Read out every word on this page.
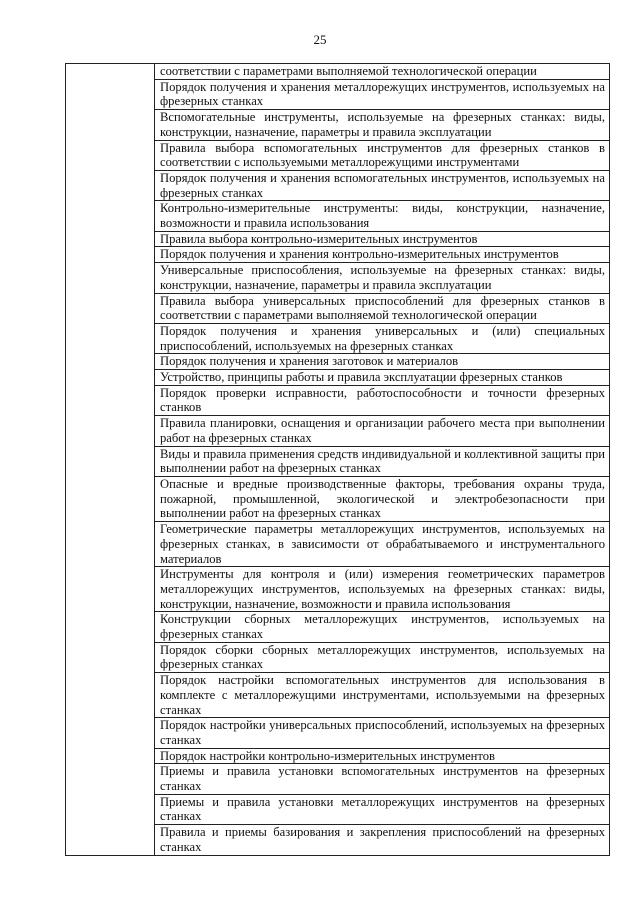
25

соответствии с параметрами выполняемой технологической операции

Порядок получения и хранения металлорежущих инструментов, используемых на фрезерных станках

Вспомогательные инструменты, используемые на фрезерных станках: виды, конструкции, назначение, параметры и правила эксплуатации

Правила выбора вспомогательных инструментов для фрезерных станков в соответствии с используемыми металлорежущими инструментами

Порядок получения и хранения вспомогательных инструментов, используемых на фрезерных станках

Контрольно-измерительные инструменты: виды, конструкции, назначение, возможности и правила использования

Правила выбора контрольно-измерительных инструментов

Порядок получения и хранения контрольно-измерительных инструментов

Универсальные приспособления, используемые на фрезерных станках: виды, конструкции, назначение, параметры и правила эксплуатации

Правила выбора универсальных приспособлений для фрезерных станков в соответствии с параметрами выполняемой технологической операции

Порядок получения и хранения универсальных и (или) специальных приспособлений, используемых на фрезерных станках

Порядок получения и хранения заготовок и материалов

Устройство, принципы работы и правила эксплуатации фрезерных станков

Порядок проверки исправности, работоспособности и точности фрезерных станков

Правила планировки, оснащения и организации рабочего места при выполнении работ на фрезерных станках

Виды и правила применения средств индивидуальной и коллективной защиты при выполнении работ на фрезерных станках

Опасные и вредные производственные факторы, требования охраны труда, пожарной, промышленной, экологической и электробезопасности при выполнении работ на фрезерных станках

Геометрические параметры металлорежущих инструментов, используемых на фрезерных станках, в зависимости от обрабатываемого и инструментального материалов

Инструменты для контроля и (или) измерения геометрических параметров металлорежущих инструментов, используемых на фрезерных станках: виды, конструкции, назначение, возможности и правила использования

Конструкции сборных металлорежущих инструментов, используемых на фрезерных станках

Порядок сборки сборных металлорежущих инструментов, используемых на фрезерных станках

Порядок настройки вспомогательных инструментов для использования в комплекте с металлорежущими инструментами, используемыми на фрезерных станках

Порядок настройки универсальных приспособлений, используемых на фрезерных станках

Порядок настройки контрольно-измерительных инструментов

Приемы и правила установки вспомогательных инструментов на фрезерных станках

Приемы и правила установки металлорежущих инструментов на фрезерных станках

Правила и приемы базирования и закрепления приспособлений на фрезерных станках
